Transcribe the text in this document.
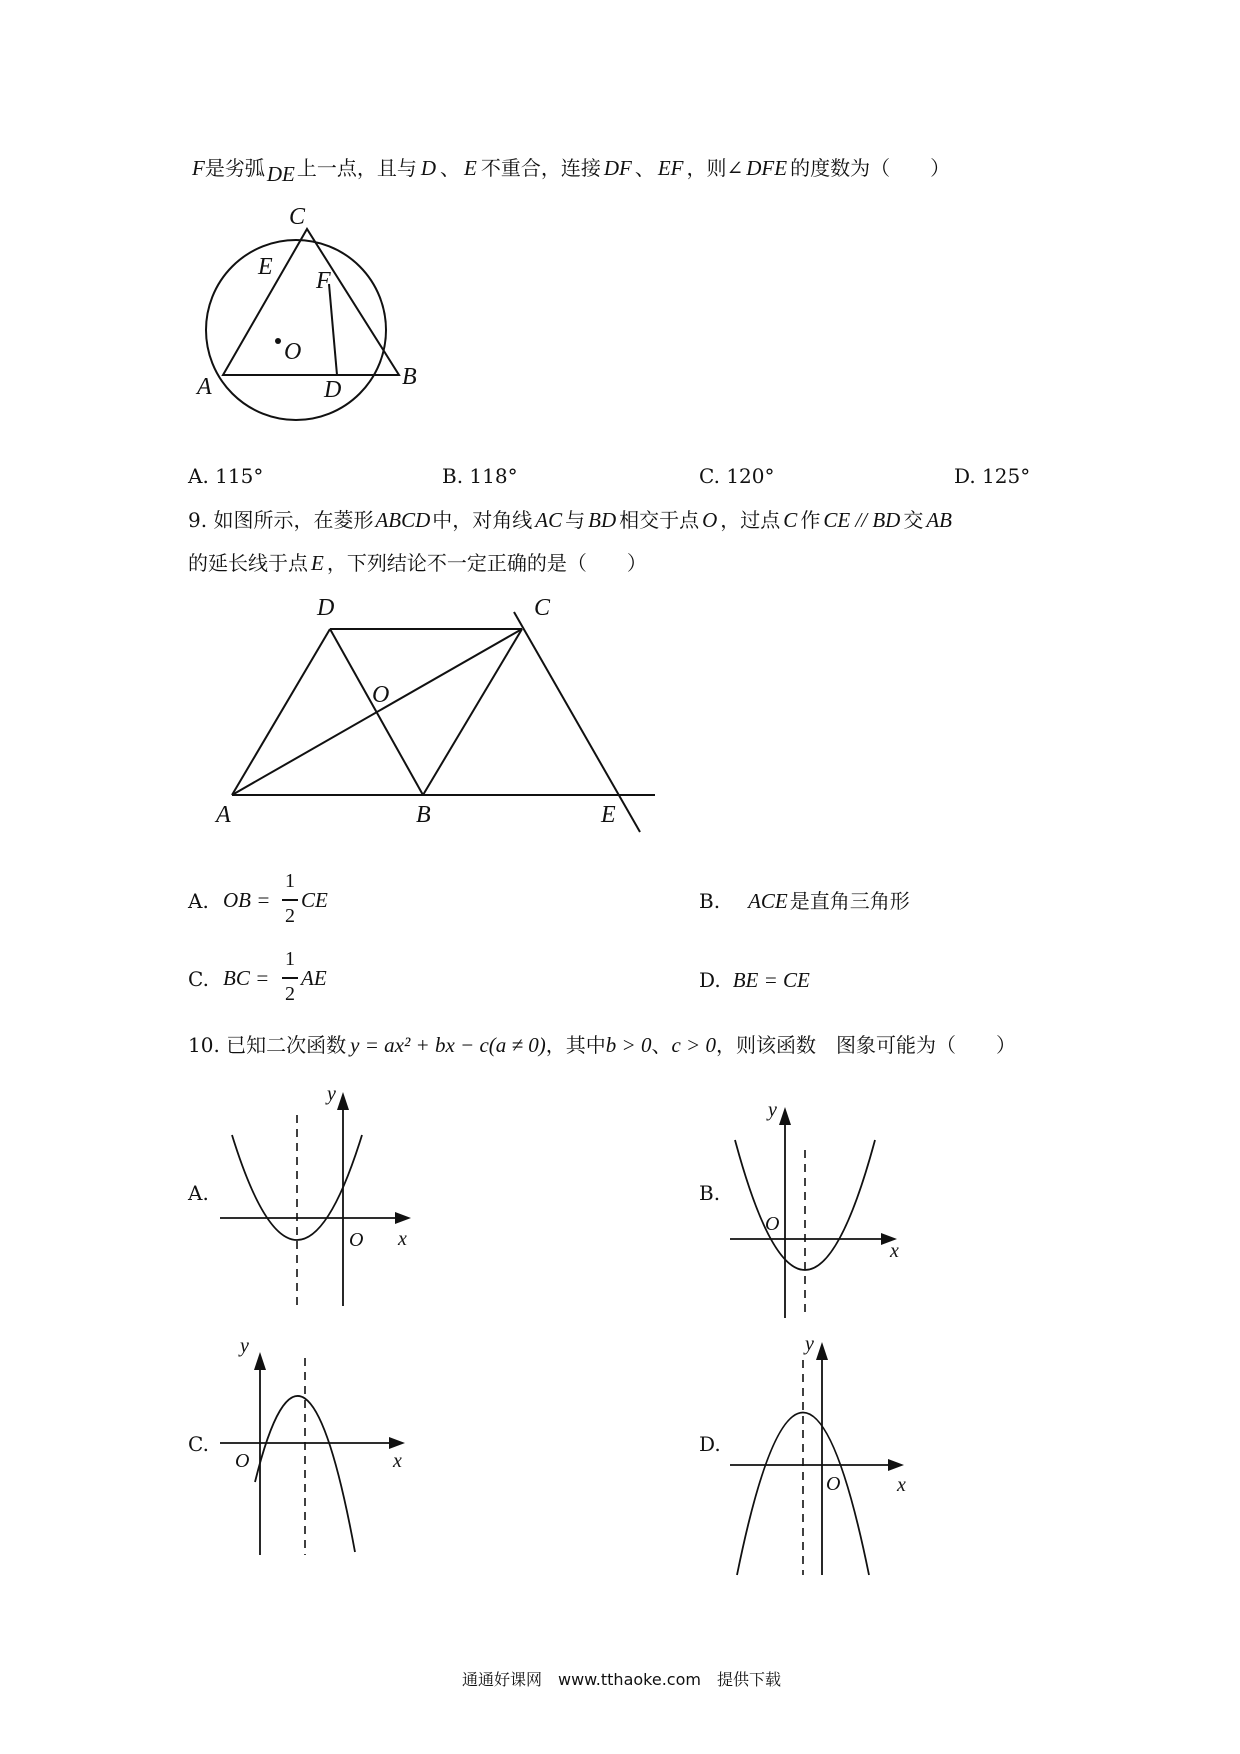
F是劣弧DE 上一点，且与 D 、 E 不重合，连接 DF 、 EF ，则∠ DFE 的度数为（　　）
C
E
F
O
A	D	B
A. 115°	B. 118°	C. 120°	D. 125°
9. 如图所示，在菱形ABCD 中，对角线 AC 与 BD 相交于点 O ，过点 C 作 CE // BD 交 AB
的延长线于点 E ，下列结论不一定正确的是（　　）
D	C
O
A	B	E
A. OB =
1
2
CE	B. ACE 是直角三角形
C. BC =
1
2
AE	D. BE = CE
10. 已知二次函数 y = ax² + bx − c(a ≠ 0)，其中b > 0、c > 0，则该函数　图象可能为（　　）
A.
y
x
O
B.
y
x
O
C.
y
x
O
D.
y
x
O
通通好课网　www.tthaoke.com　提供下载
